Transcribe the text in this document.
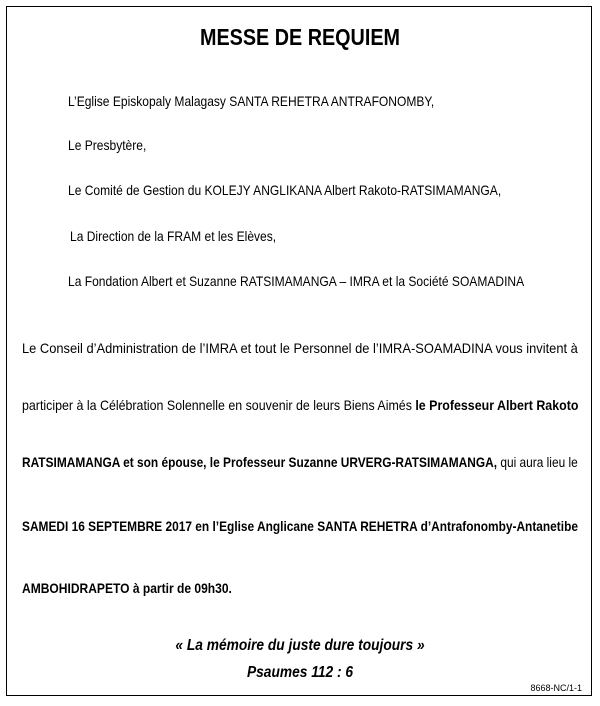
MESSE DE REQUIEM
L’Eglise Episkopaly Malagasy SANTA REHETRA ANTRAFONOMBY,
Le Presbytère,
Le Comité de Gestion du KOLEJY ANGLIKANA Albert Rakoto-RATSIMAMANGA,
La Direction de la FRAM et les Elèves,
La Fondation Albert et Suzanne RATSIMAMANGA – IMRA et la Société SOAMADINA
Le Conseil d’Administration de l’IMRA et tout le Personnel de l’IMRA-SOAMADINA vous invitent à
participer à la Célébration Solennelle en souvenir de leurs Biens Aimés le Professeur Albert Rakoto
RATSIMAMANGA et son épouse, le Professeur Suzanne URVERG-RATSIMAMANGA, qui aura lieu le
SAMEDI 16 SEPTEMBRE 2017 en l’Eglise Anglicane SANTA REHETRA d’Antrafonomby-Antanetibe
AMBOHIDRAPETO à partir de 09h30.
« La mémoire du juste dure toujours »
Psaumes 112 : 6
8668-NC/1-1
